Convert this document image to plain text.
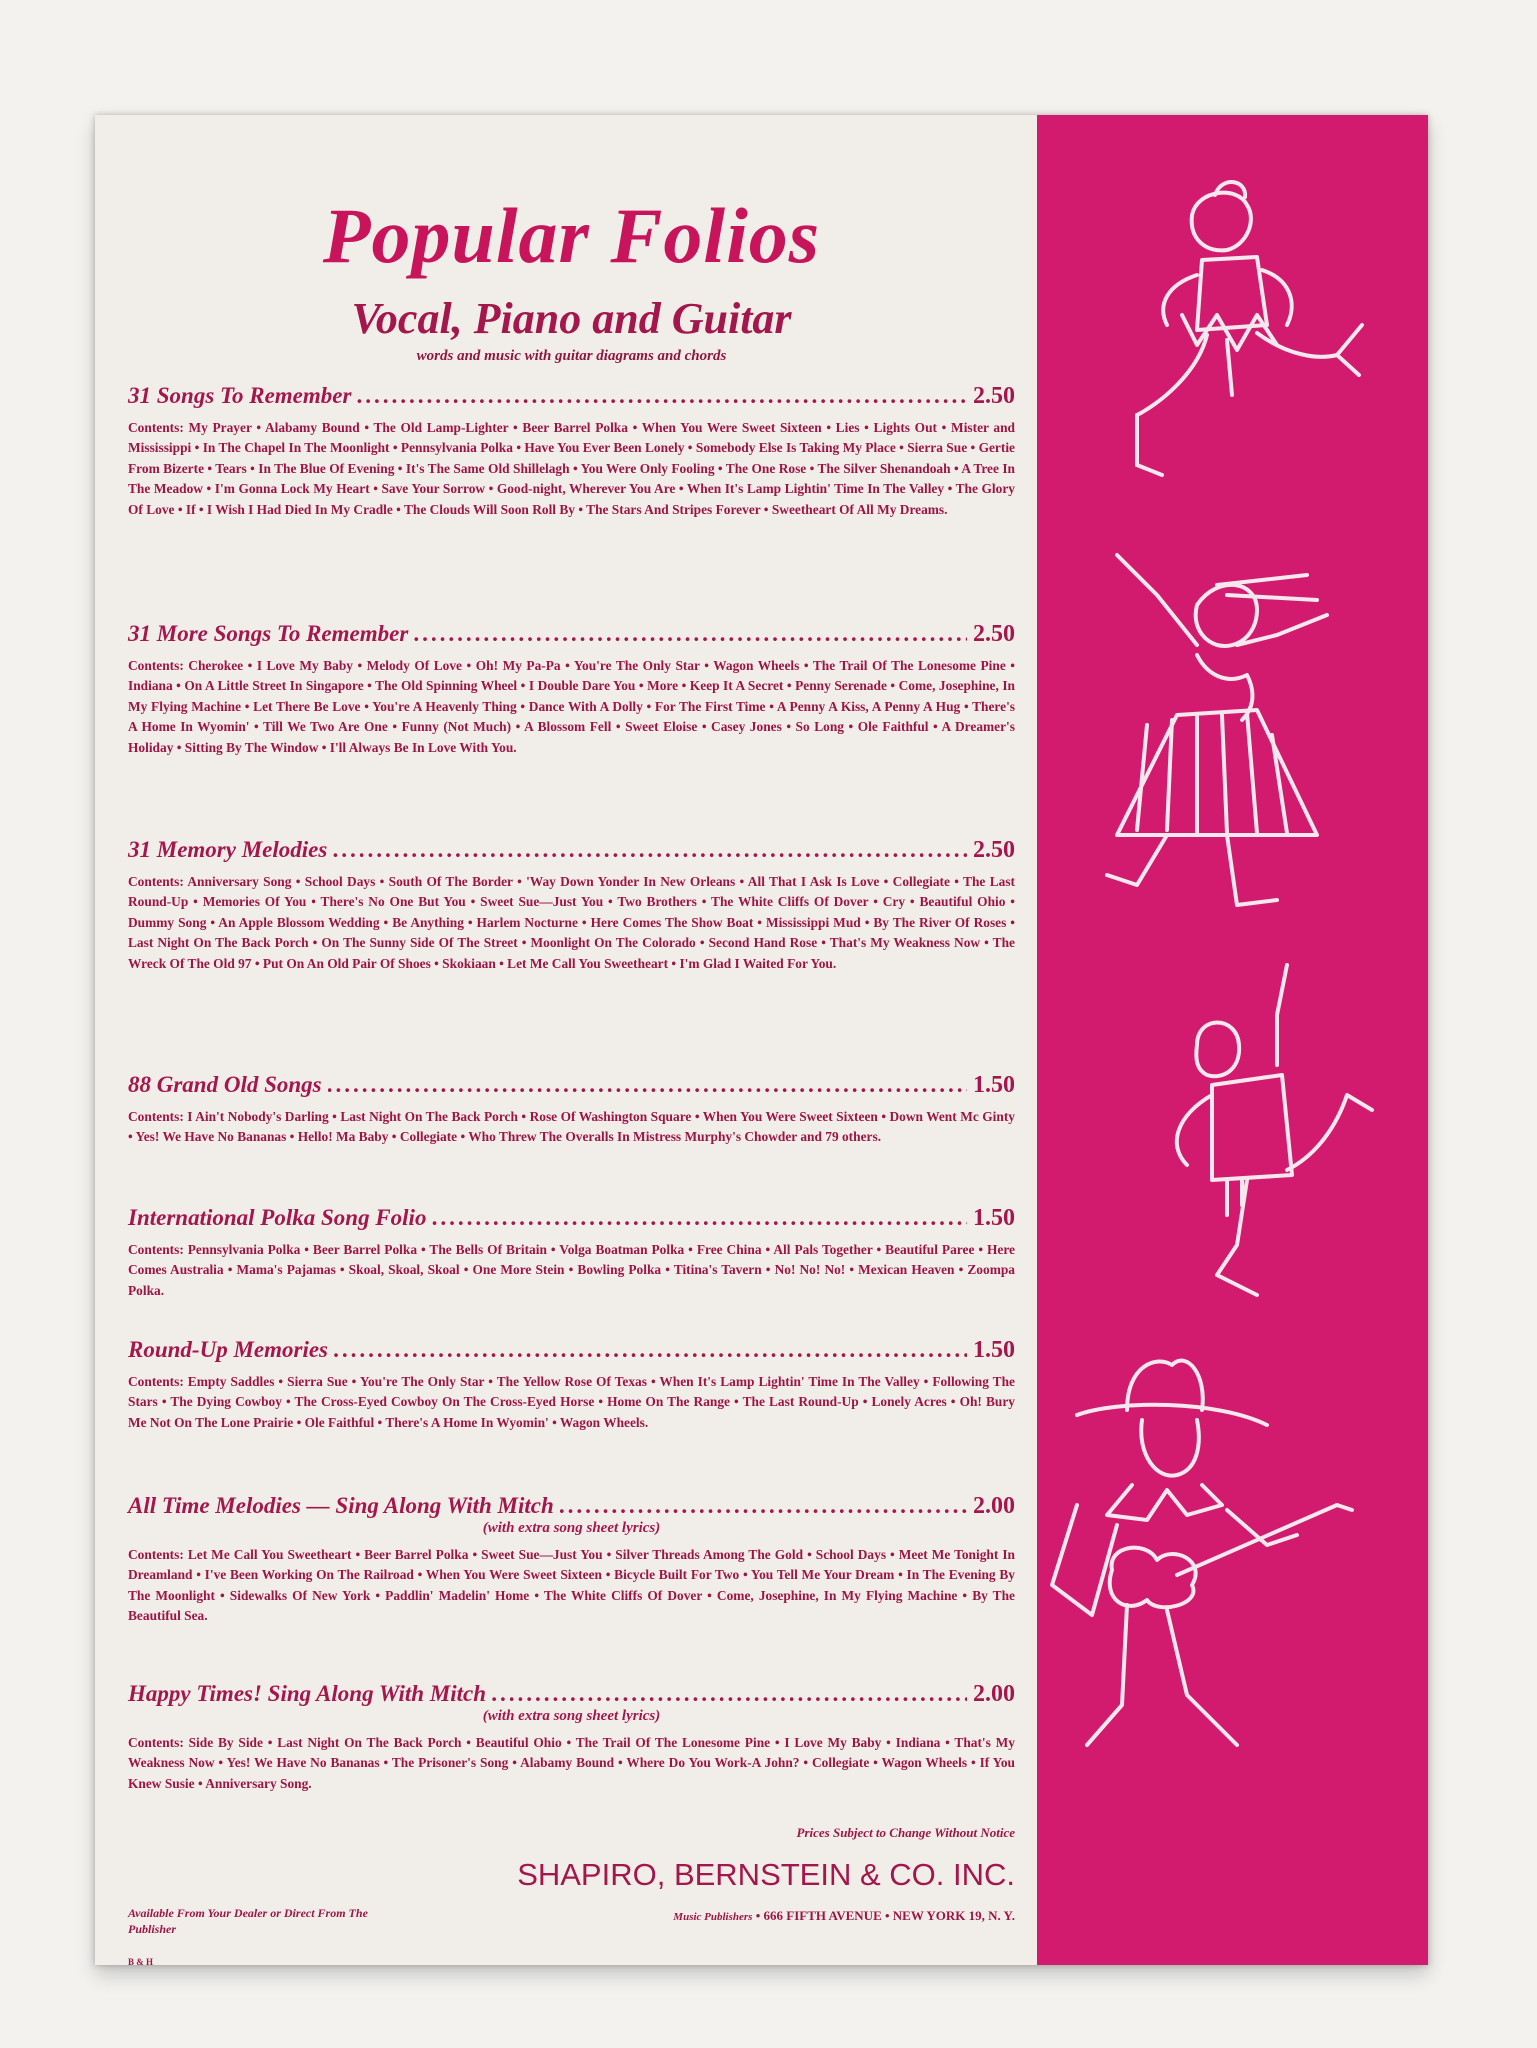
Popular Folios
Vocal, Piano and Guitar
words and music with guitar diagrams and chords
31 Songs To Remember .....	2.50
Contents: My Prayer • Alabamy Bound • The Old Lamp-Lighter • Beer Barrel Polka • When You Were Sweet Sixteen • Lies • Lights Out • Mister and Mississippi • In The Chapel In The Moonlight • Pennsylvania Polka • Have You Ever Been Lonely • Somebody Else Is Taking My Place • Sierra Sue • Gertie From Bizerte • Tears • In The Blue Of Evening • It's The Same Old Shillelagh • You Were Only Fooling • The One Rose • The Silver Shenandoah • A Tree In The Meadow • I'm Gonna Lock My Heart • Save Your Sorrow • Good-night, Wherever You Are • When It's Lamp Lightin' Time In The Valley • The Glory Of Love • If • I Wish I Had Died In My Cradle • The Clouds Will Soon Roll By • The Stars And Stripes Forever • Sweetheart Of All My Dreams.
31 More Songs To Remember .....	2.50
Contents: Cherokee • I Love My Baby • Melody Of Love • Oh! My Pa-Pa • You're The Only Star • Wagon Wheels • The Trail Of The Lonesome Pine • Indiana • On A Little Street In Singapore • The Old Spinning Wheel • I Double Dare You • More • Keep It A Secret • Penny Serenade • Come, Josephine, In My Flying Machine • Let There Be Love • You're A Heavenly Thing • Dance With A Dolly • For The First Time • A Penny A Kiss, A Penny A Hug • There's A Home In Wyomin' • Till We Two Are One • Funny (Not Much) • A Blossom Fell • Sweet Eloise • Casey Jones • So Long • Ole Faithful • A Dreamer's Holiday • Sitting By The Window • I'll Always Be In Love With You.
31 Memory Melodies .....	2.50
Contents: Anniversary Song • School Days • South Of The Border • 'Way Down Yonder In New Orleans • All That I Ask Is Love • Collegiate • The Last Round-Up • Memories Of You • There's No One But You • Sweet Sue—Just You • Two Brothers • The White Cliffs Of Dover • Cry • Beautiful Ohio • Dummy Song • An Apple Blossom Wedding • Be Anything • Harlem Nocturne • Here Comes The Show Boat • Mississippi Mud • By The River Of Roses • Last Night On The Back Porch • On The Sunny Side Of The Street • Moonlight On The Colorado • Second Hand Rose • That's My Weakness Now • The Wreck Of The Old 97 • Put On An Old Pair Of Shoes • Skokiaan • Let Me Call You Sweetheart • I'm Glad I Waited For You.
88 Grand Old Songs .....	1.50
Contents: I Ain't Nobody's Darling • Last Night On The Back Porch • Rose Of Washington Square • When You Were Sweet Sixteen • Down Went Mc Ginty • Yes! We Have No Bananas • Hello! Ma Baby • Collegiate • Who Threw The Overalls In Mistress Murphy's Chowder and 79 others.
International Polka Song Folio .....	1.50
Contents: Pennsylvania Polka • Beer Barrel Polka • The Bells Of Britain • Volga Boatman Polka • Free China • All Pals Together • Beautiful Paree • Here Comes Australia • Mama's Pajamas • Skoal, Skoal, Skoal • One More Stein • Bowling Polka • Titina's Tavern • No! No! No! • Mexican Heaven • Zoompa Polka.
Round-Up Memories .....	1.50
Contents: Empty Saddles • Sierra Sue • You're The Only Star • The Yellow Rose Of Texas • When It's Lamp Lightin' Time In The Valley • Following The Stars • The Dying Cowboy • The Cross-Eyed Cowboy On The Cross-Eyed Horse • Home On The Range • The Last Round-Up • Lonely Acres • Oh! Bury Me Not On The Lone Prairie • Ole Faithful • There's A Home In Wyomin' • Wagon Wheels.
All Time Melodies — Sing Along With Mitch .....	2.00
(with extra song sheet lyrics)
Contents: Let Me Call You Sweetheart • Beer Barrel Polka • Sweet Sue—Just You • Silver Threads Among The Gold • School Days • Meet Me Tonight In Dreamland • I've Been Working On The Railroad • When You Were Sweet Sixteen • Bicycle Built For Two • You Tell Me Your Dream • In The Evening By The Moonlight • Sidewalks Of New York • Paddlin' Madelin' Home • The White Cliffs Of Dover • Come, Josephine, In My Flying Machine • By The Beautiful Sea.
Happy Times! Sing Along With Mitch .....	2.00
(with extra song sheet lyrics)
Contents: Side By Side • Last Night On The Back Porch • Beautiful Ohio • The Trail Of The Lonesome Pine • I Love My Baby • Indiana • That's My Weakness Now • Yes! We Have No Bananas • The Prisoner's Song • Alabamy Bound • Where Do You Work-A John? • Collegiate • Wagon Wheels • If You Knew Susie • Anniversary Song.
Prices Subject to Change Without Notice
SHAPIRO, BERNSTEIN & CO. INC.
Music Publishers • 666 FIFTH AVENUE • NEW YORK 19, N. Y.
Available From Your Dealer or Direct From The Publisher
B & H
